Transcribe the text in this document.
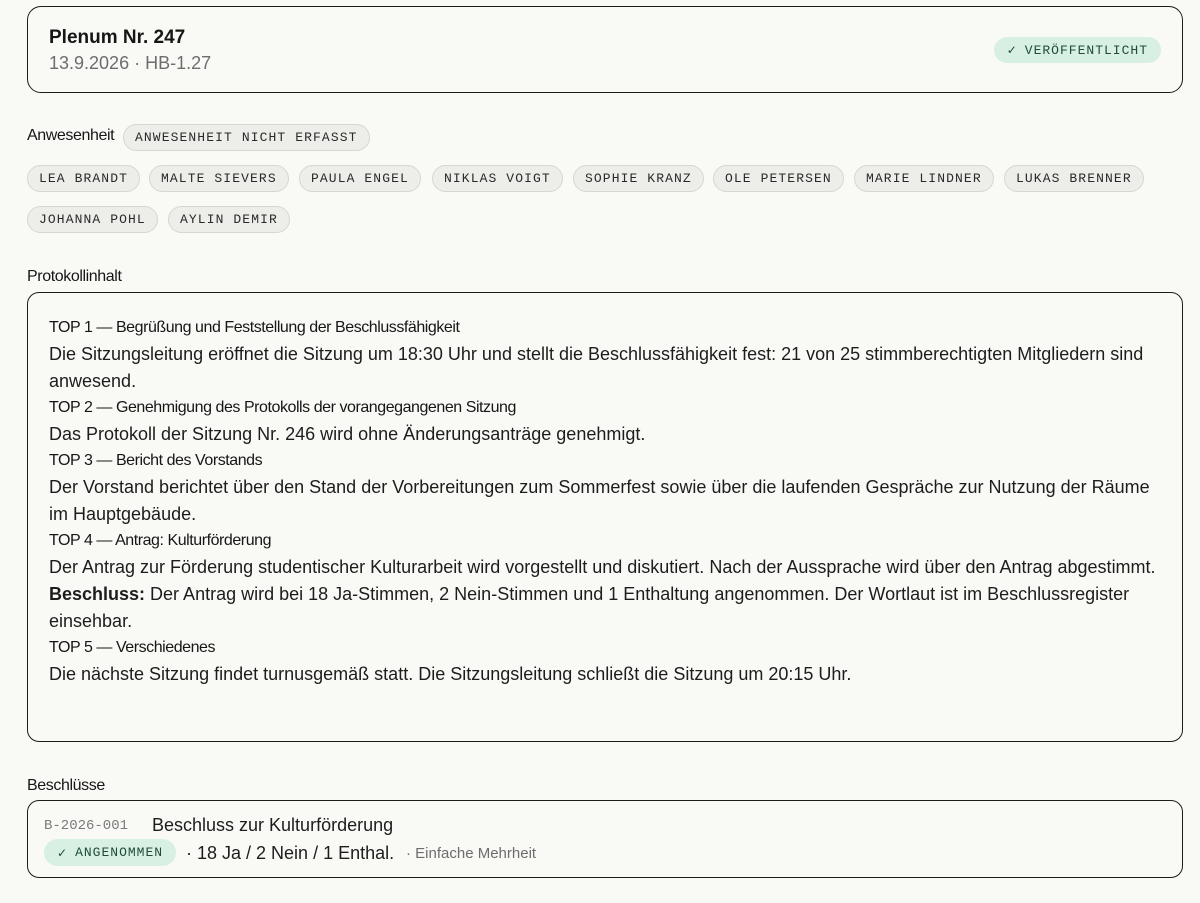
Plenum Nr. 247
13.9.2026 · HB-1.27
✓ VERÖFFENTLICHT
Anwesenheit	ANWESENHEIT NICHT ERFASST
LEA BRANDT	MALTE SIEVERS	PAULA ENGEL	NIKLAS VOIGT	SOPHIE KRANZ	OLE PETERSEN	MARIE LINDNER	LUKAS BRENNER
JOHANNA POHL	AYLIN DEMIR
Protokollinhalt
TOP 1 — Begrüßung und Feststellung der Beschlussfähigkeit
Die Sitzungsleitung eröffnet die Sitzung um 18:30 Uhr und stellt die Beschlussfähigkeit fest: 21 von 25 stimmberechtigten Mitgliedern sind anwesend.
TOP 2 — Genehmigung des Protokolls der vorangegangenen Sitzung
Das Protokoll der Sitzung Nr. 246 wird ohne Änderungsanträge genehmigt.
TOP 3 — Bericht des Vorstands
Der Vorstand berichtet über den Stand der Vorbereitungen zum Sommerfest sowie über die laufenden Gespräche zur Nutzung der Räume im Hauptgebäude.
TOP 4 — Antrag: Kulturförderung
Der Antrag zur Förderung studentischer Kulturarbeit wird vorgestellt und diskutiert. Nach der Aussprache wird über den Antrag abgestimmt.
Beschluss: Der Antrag wird bei 18 Ja-Stimmen, 2 Nein-Stimmen und 1 Enthaltung angenommen. Der Wortlaut ist im Beschlussregister einsehbar.
TOP 5 — Verschiedenes
Die nächste Sitzung findet turnusgemäß statt. Die Sitzungsleitung schließt die Sitzung um 20:15 Uhr.
Beschlüsse
B-2026-001 Beschluss zur Kulturförderung
✓ ANGENOMMEN · 18 Ja / 2 Nein / 1 Enthal. · Einfache Mehrheit
